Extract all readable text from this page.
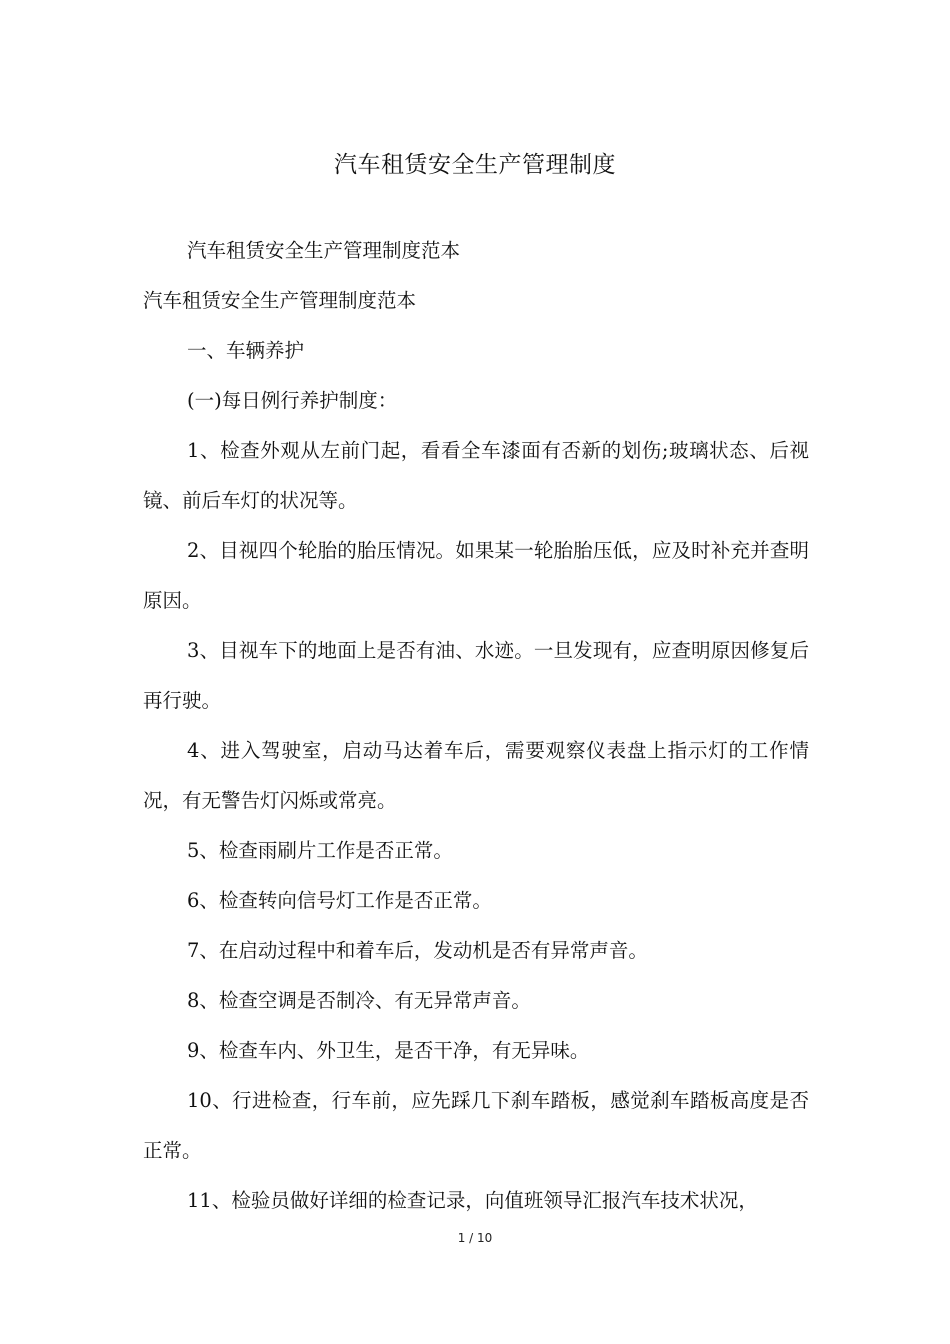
汽车租赁安全生产管理制度

汽车租赁安全生产管理制度范本

汽车租赁安全生产管理制度范本

一、车辆养护

(一)每日例行养护制度：

1、检查外观从左前门起，看看全车漆面有否新的划伤;玻璃状态、后视镜、前后车灯的状况等。

2、目视四个轮胎的胎压情况。如果某一轮胎胎压低，应及时补充并查明原因。

3、目视车下的地面上是否有油、水迹。一旦发现有，应查明原因修复后再行驶。

4、进入驾驶室，启动马达着车后，需要观察仪表盘上指示灯的工作情况，有无警告灯闪烁或常亮。

5、检查雨刷片工作是否正常。

6、检查转向信号灯工作是否正常。

7、在启动过程中和着车后，发动机是否有异常声音。

8、检查空调是否制冷、有无异常声音。

9、检查车内、外卫生，是否干净，有无异味。

10、行进检查，行车前，应先踩几下刹车踏板，感觉刹车踏板高度是否正常。

11、检验员做好详细的检查记录，向值班领导汇报汽车技术状况，

1 / 10
